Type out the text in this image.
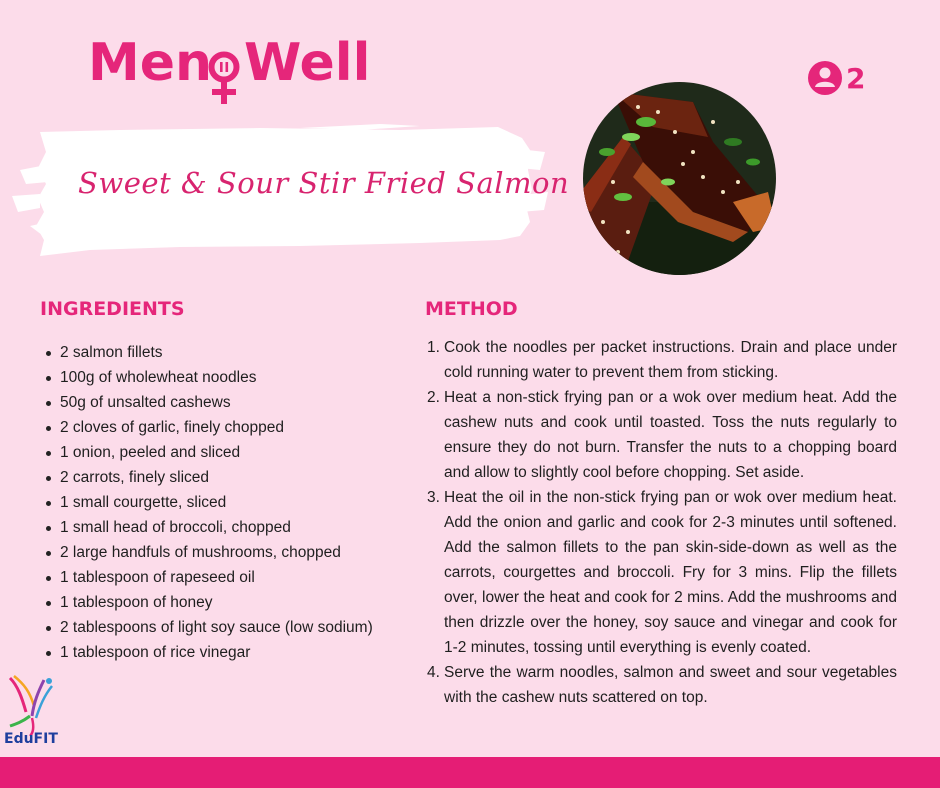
Men Well	2
Sweet & Sour Stir Fried Salmon
INGREDIENTS
2 salmon fillets
100g of wholewheat noodles
50g of unsalted cashews
2 cloves of garlic, finely chopped
1 onion, peeled and sliced
2 carrots, finely sliced
1 small courgette, sliced
1 small head of broccoli, chopped
2 large handfuls of mushrooms, chopped
1 tablespoon of rapeseed oil
1 tablespoon of honey
2 tablespoons of light soy sauce (low sodium)
1 tablespoon of rice vinegar
METHOD
1. Cook the noodles per packet instructions. Drain and place under cold running water to prevent them from sticking.
2. Heat a non-stick frying pan or a wok over medium heat. Add the cashew nuts and cook until toasted. Toss the nuts regularly to ensure they do not burn. Transfer the nuts to a chopping board and allow to slightly cool before chopping. Set aside.
3. Heat the oil in the non-stick frying pan or wok over medium heat. Add the onion and garlic and cook for 2-3 minutes until softened. Add the salmon fillets to the pan skin-side-down as well as the carrots, courgettes and broccoli. Fry for 3 mins. Flip the fillets over, lower the heat and cook for 2 mins. Add the mushrooms and then drizzle over the honey, soy sauce and vinegar and cook for 1-2 minutes, tossing until everything is evenly coated.
4. Serve the warm noodles, salmon and sweet and sour vegetables with the cashew nuts scattered on top.
EduFIT
